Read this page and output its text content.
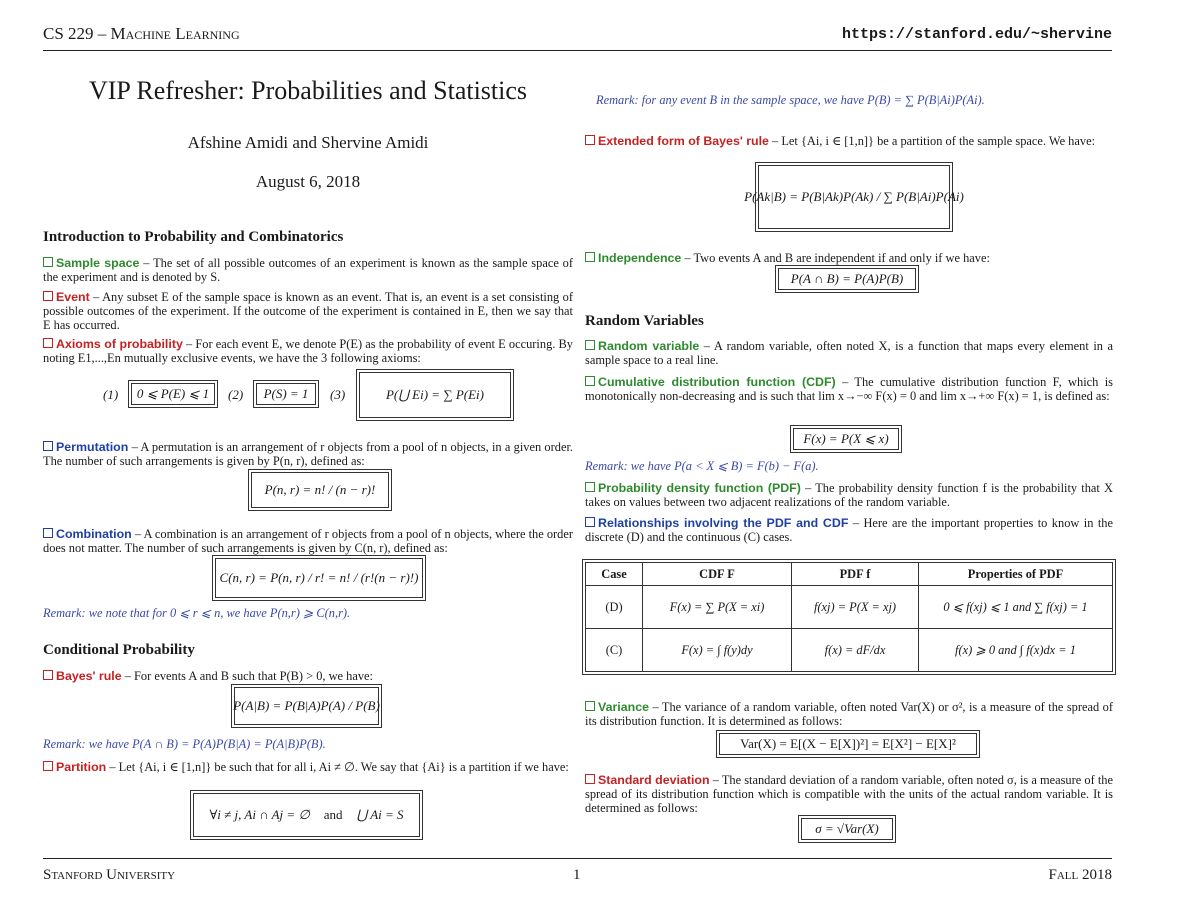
CS 229 – Machine Learning	https://stanford.edu/~shervine
VIP Refresher: Probabilities and Statistics
Afshine Amidi and Shervine Amidi
August 6, 2018
Introduction to Probability and Combinatorics
Sample space – The set of all possible outcomes of an experiment is known as the sample space of the experiment and is denoted by S.
Event – Any subset E of the sample space is known as an event. That is, an event is a set consisting of possible outcomes of the experiment. If the outcome of the experiment is contained in E, then we say that E has occurred.
Axioms of probability – For each event E, we denote P(E) as the probability of event E occuring. By noting E1,...,En mutually exclusive events, we have the 3 following axioms:
(1)	0 ⩽ P(E) ⩽ 1	(2)	P(S) = 1	(3)	P(⋃ Ei) = ∑ P(Ei)
Permutation – A permutation is an arrangement of r objects from a pool of n objects, in a given order. The number of such arrangements is given by P(n, r), defined as:
P(n, r) = n! / (n − r)!
Combination – A combination is an arrangement of r objects from a pool of n objects, where the order does not matter. The number of such arrangements is given by C(n, r), defined as:
C(n, r) = P(n, r) / r! = n! / (r!(n − r)!)
Remark: we note that for 0 ⩽ r ⩽ n, we have P(n,r) ⩾ C(n,r).
Conditional Probability
Bayes' rule – For events A and B such that P(B) > 0, we have:
P(A|B) = P(B|A)P(A) / P(B)
Remark: we have P(A ∩ B) = P(A)P(B|A) = P(A|B)P(B).
Partition – Let {Ai, i ∈ [1,n]} be such that for all i, Ai ≠ ∅. We say that {Ai} is a partition if we have:
∀i ≠ j, Ai ∩ Aj = ∅ and ⋃ Ai = S
Remark: for any event B in the sample space, we have P(B) = ∑ P(B|Ai)P(Ai).
Extended form of Bayes' rule – Let {Ai, i ∈ [1,n]} be a partition of the sample space. We have:
P(Ak|B) = P(B|Ak)P(Ak) / ∑ P(B|Ai)P(Ai)
Independence – Two events A and B are independent if and only if we have:
P(A ∩ B) = P(A)P(B)
Random Variables
Random variable – A random variable, often noted X, is a function that maps every element in a sample space to a real line.
Cumulative distribution function (CDF) – The cumulative distribution function F, which is monotonically non-decreasing and is such that lim x→−∞ F(x) = 0 and lim x→+∞ F(x) = 1, is defined as:
F(x) = P(X ⩽ x)
Remark: we have P(a < X ⩽ B) = F(b) − F(a).
Probability density function (PDF) – The probability density function f is the probability that X takes on values between two adjacent realizations of the random variable.
Relationships involving the PDF and CDF – Here are the important properties to know in the discrete (D) and the continuous (C) cases.
Case	CDF F	PDF f	Properties of PDF
(D)	F(x) = ∑ P(X = xi)	f(xj) = P(X = xj)	0 ⩽ f(xj) ⩽ 1 and ∑ f(xj) = 1
(C)	F(x) = ∫ f(y)dy	f(x) = dF/dx	f(x) ⩾ 0 and ∫ f(x)dx = 1
Variance – The variance of a random variable, often noted Var(X) or σ², is a measure of the spread of its distribution function. It is determined as follows:
Var(X) = E[(X − E[X])²] = E[X²] − E[X]²
Standard deviation – The standard deviation of a random variable, often noted σ, is a measure of the spread of its distribution function which is compatible with the units of the actual random variable. It is determined as follows:
σ = √Var(X)
Stanford University	1	Fall 2018
